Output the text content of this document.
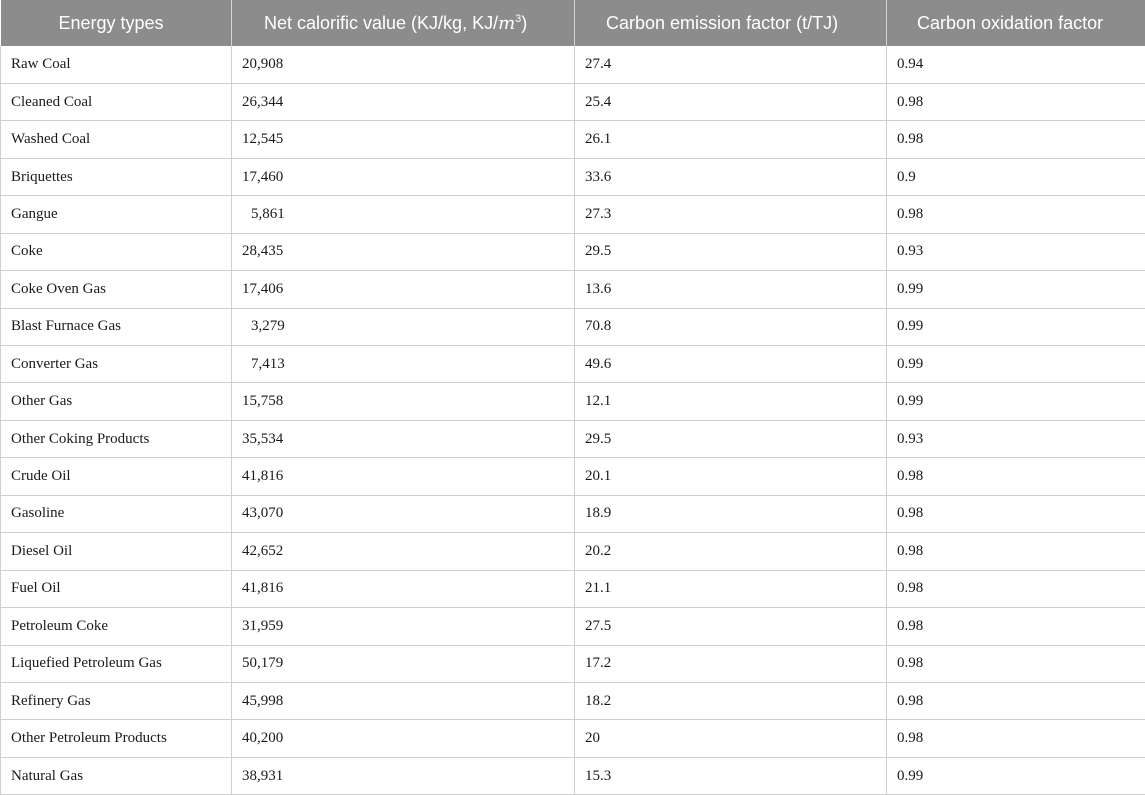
Energy types	Net calorific value (KJ/kg, $KJ/m^3$)	Carbon emission factor (t/TJ)	Carbon oxidation factor
Raw Coal	20,908	27.4	0.94
Cleaned Coal	26,344	25.4	0.98
Washed Coal	12,545	26.1	0.98
Briquettes	17,460	33.6	0.9
Gangue	5,861	27.3	0.98
Coke	28,435	29.5	0.93
Coke Oven Gas	17,406	13.6	0.99
Blast Furnace Gas	3,279	70.8	0.99
Converter Gas	7,413	49.6	0.99
Other Gas	15,758	12.1	0.99
Other Coking Products	35,534	29.5	0.93
Crude Oil	41,816	20.1	0.98
Gasoline	43,070	18.9	0.98
Diesel Oil	42,652	20.2	0.98
Fuel Oil	41,816	21.1	0.98
Petroleum Coke	31,959	27.5	0.98
Liquefied Petroleum Gas	50,179	17.2	0.98
Refinery Gas	45,998	18.2	0.98
Other Petroleum Products	40,200	20	0.98
Natural Gas	38,931	15.3	0.99
